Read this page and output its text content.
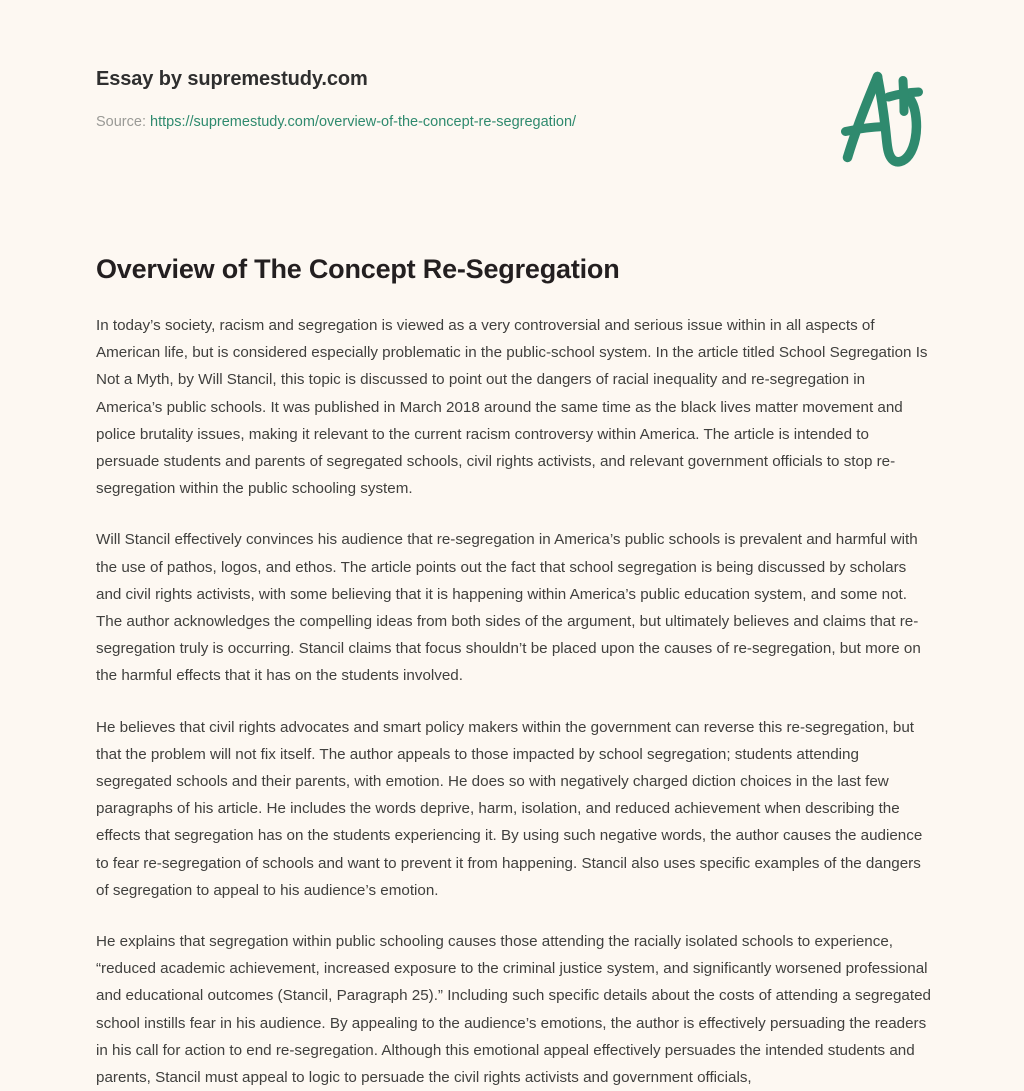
Essay by supremestudy.com

Source: https://supremestudy.com/overview-of-the-concept-re-segregation/

Overview of The Concept Re-Segregation

In today’s society, racism and segregation is viewed as a very controversial and serious issue within in all aspects of American life, but is considered especially problematic in the public-school system. In the article titled School Segregation Is Not a Myth, by Will Stancil, this topic is discussed to point out the dangers of racial inequality and re-segregation in America’s public schools. It was published in March 2018 around the same time as the black lives matter movement and police brutality issues, making it relevant to the current racism controversy within America. The article is intended to persuade students and parents of segregated schools, civil rights activists, and relevant government officials to stop re-segregation within the public schooling system.

Will Stancil effectively convinces his audience that re-segregation in America’s public schools is prevalent and harmful with the use of pathos, logos, and ethos. The article points out the fact that school segregation is being discussed by scholars and civil rights activists, with some believing that it is happening within America’s public education system, and some not. The author acknowledges the compelling ideas from both sides of the argument, but ultimately believes and claims that re-segregation truly is occurring. Stancil claims that focus shouldn’t be placed upon the causes of re-segregation, but more on the harmful effects that it has on the students involved.

He believes that civil rights advocates and smart policy makers within the government can reverse this re-segregation, but that the problem will not fix itself. The author appeals to those impacted by school segregation; students attending segregated schools and their parents, with emotion. He does so with negatively charged diction choices in the last few paragraphs of his article. He includes the words deprive, harm, isolation, and reduced achievement when describing the effects that segregation has on the students experiencing it. By using such negative words, the author causes the audience to fear re-segregation of schools and want to prevent it from happening. Stancil also uses specific examples of the dangers of segregation to appeal to his audience’s emotion.

He explains that segregation within public schooling causes those attending the racially isolated schools to experience, “reduced academic achievement, increased exposure to the criminal justice system, and significantly worsened professional and educational outcomes (Stancil, Paragraph 25).” Including such specific details about the costs of attending a segregated school instills fear in his audience. By appealing to the audience’s emotions, the author is effectively persuading the readers in his call for action to end re-segregation. Although this emotional appeal effectively persuades the intended students and parents, Stancil must appeal to logic to persuade the civil rights activists and government officials,
